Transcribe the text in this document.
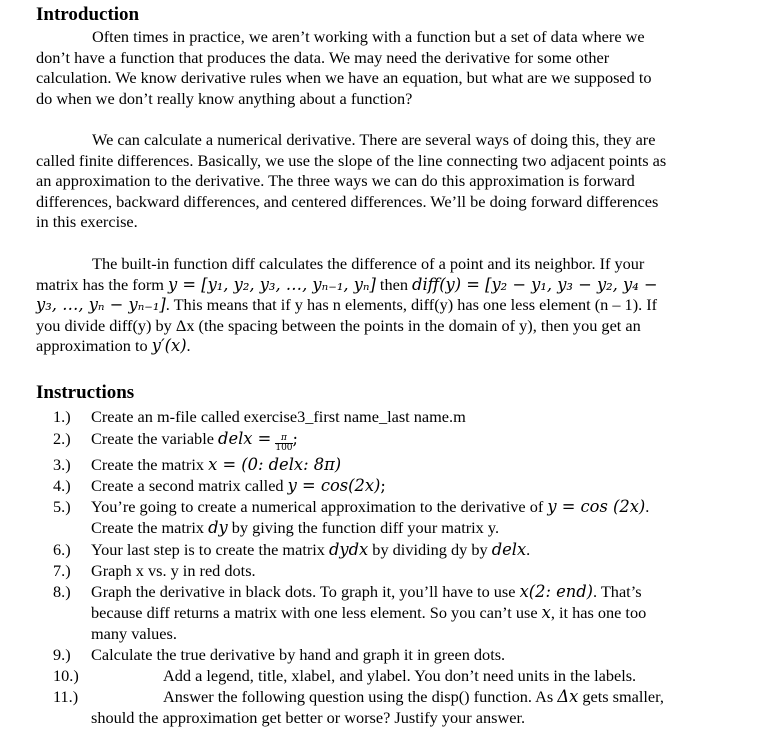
Introduction
Often times in practice, we aren’t working with a function but a set of data where we
don’t have a function that produces the data. We may need the derivative for some other
calculation. We know derivative rules when we have an equation, but what are we supposed to
do when we don’t really know anything about a function?
We can calculate a numerical derivative. There are several ways of doing this, they are
called finite differences. Basically, we use the slope of the line connecting two adjacent points as
an approximation to the derivative. The three ways we can do this approximation is forward
differences, backward differences, and centered differences. We’ll be doing forward differences
in this exercise.
The built-in function diff calculates the difference of a point and its neighbor. If your
matrix has the form y = [y₁, y₂, y₃, …, yₙ₋₁, yₙ] then diff(y) = [y₂ − y₁, y₃ − y₂, y₄ −
y₃, …, yₙ − yₙ₋₁]. This means that if y has n elements, diff(y) has one less element (n – 1). If
you divide diff(y) by Δx (the spacing between the points in the domain of y), then you get an
approximation to y′(x).
Instructions
1.) Create an m-file called exercise3_first name_last name.m
2.) Create the variable delx = $\frac{\pi}{100}$ ;
3.) Create the matrix x = (0: delx: 8π)
4.) Create a second matrix called y = cos(2x);
5.) You’re going to create a numerical approximation to the derivative of y = cos (2x).
Create the matrix dy by giving the function diff your matrix y.
6.) Your last step is to create the matrix dydx by dividing dy by delx.
7.) Graph x vs. y in red dots.
8.) Graph the derivative in black dots. To graph it, you’ll have to use x(2: end). That’s
because diff returns a matrix with one less element. So you can’t use x, it has one too
many values.
9.) Calculate the true derivative by hand and graph it in green dots.
10.)	Add a legend, title, xlabel, and ylabel. You don’t need units in the labels.
11.)	Answer the following question using the disp() function. As Δx gets smaller,
should the approximation get better or worse? Justify your answer.
